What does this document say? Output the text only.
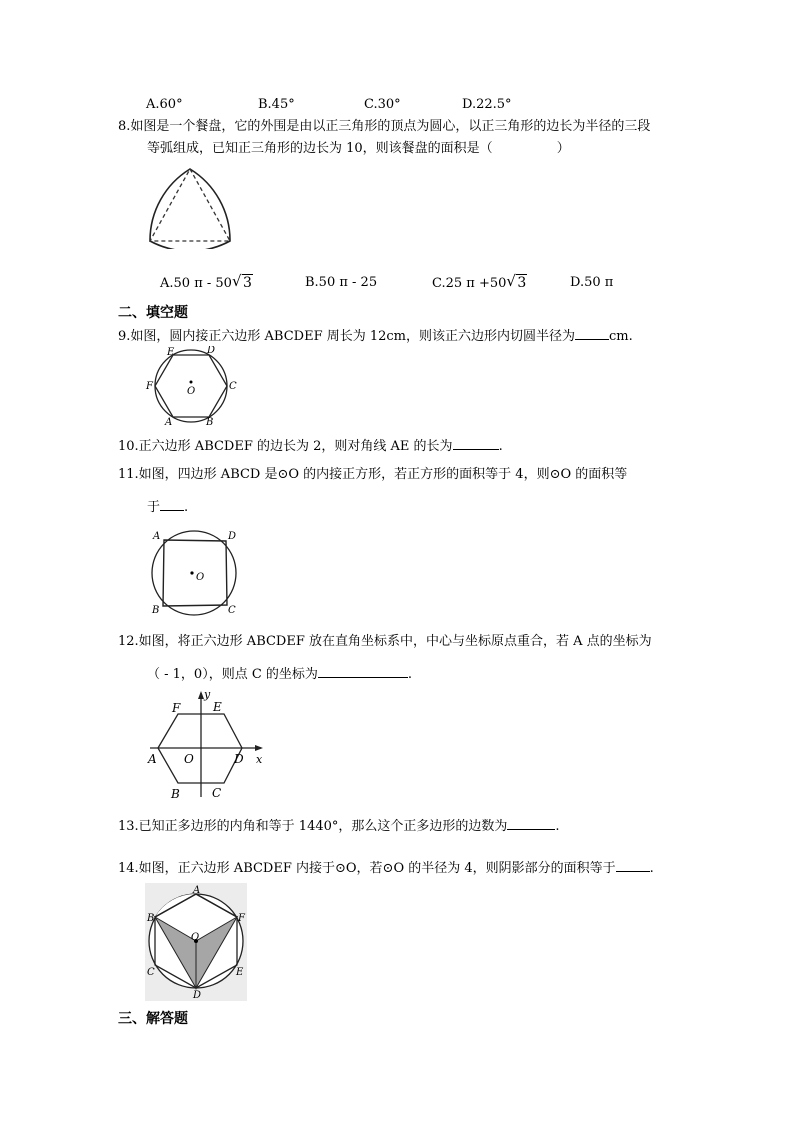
A.60°	B.45°	C.30°	D.22.5°
8.如图是一个餐盘，它的外围是由以正三角形的顶点为圆心，以正三角形的边长为半径的三段
等弧组成，已知正三角形的边长为 10，则该餐盘的面积是（	）
A.50 π - 50 √ 3	B.50 π - 25	C.25 π +50 √ 3	D.50 π
二、填空题
9.如图，圆内接正六边形 ABCDEF 周长为 12cm，则该正六边形内切圆半径为	cm.
D
E
F	C
A	B
O
10.正六边形 ABCDEF 的边长为 2，则对角线 AE 的长为	.
11.如图，四边形 ABCD 是⊙O 的内接正方形，若正方形的面积等于 4，则⊙O 的面积等
于 .
A	D
B	C
O
12.如图，将正六边形 ABCDEF 放在直角坐标系中，中心与坐标原点重合，若 A 点的坐标为
（ - 1，0），则点 C 的坐标为	.
F	E
A O	D
B	C
x
y
13.已知正多边形的内角和等于 1440°，那么这个正多边形的边数为	.
14.如图，正六边形 ABCDEF 内接于⊙O，若⊙O 的半径为 4，则阴影部分的面积等于	.
A
B	F
O
C	E
D
三、解答题
